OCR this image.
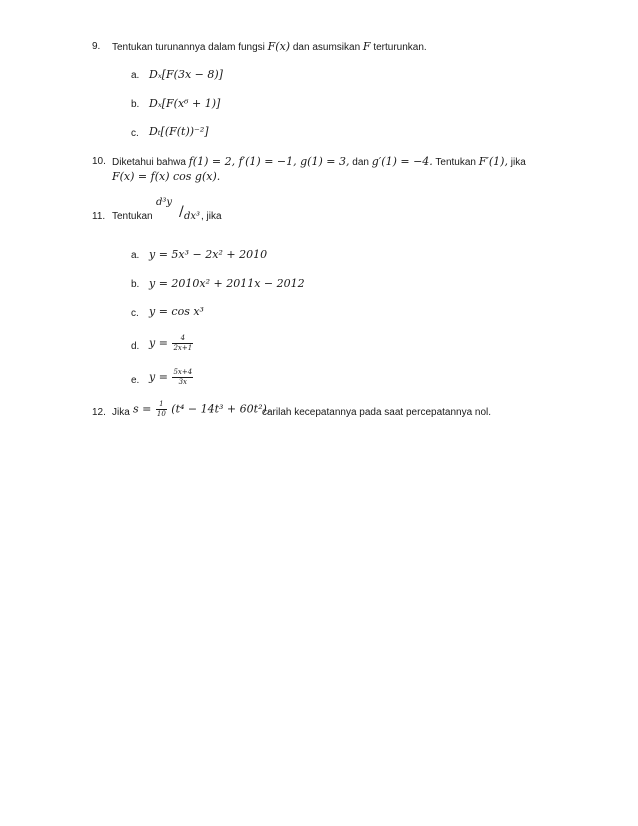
9. Tentukan turunannya dalam fungsi F(x) dan asumsikan F terturunkan.
a. Dₓ[F(3x − 8)]
b. Dₓ[F(x⁶ + 1)]
c. Dₜ[(F(t))⁻²]
10. Diketahui bahwa f(1) = 2, f′(1) = −1, g(1) = 3, dan g′(1) = −4. Tentukan F′(1), jika
F(x) = f(x) cos g(x).
11. Tentukan
d³y
/ dx³ , jika
a. y = 5x³ − 2x² + 2010
b. y = 2010x² + 2011x − 2012
c. y = cos x³
d. $y = \frac{4}{2x+1}$
e. $y = \frac{5x+4}{3x}$
12. Jika $s = \frac{1}{10} (t^4 - 14t^3 + 60t^2)$,
carilah kecepatannya pada saat percepatannya nol.
